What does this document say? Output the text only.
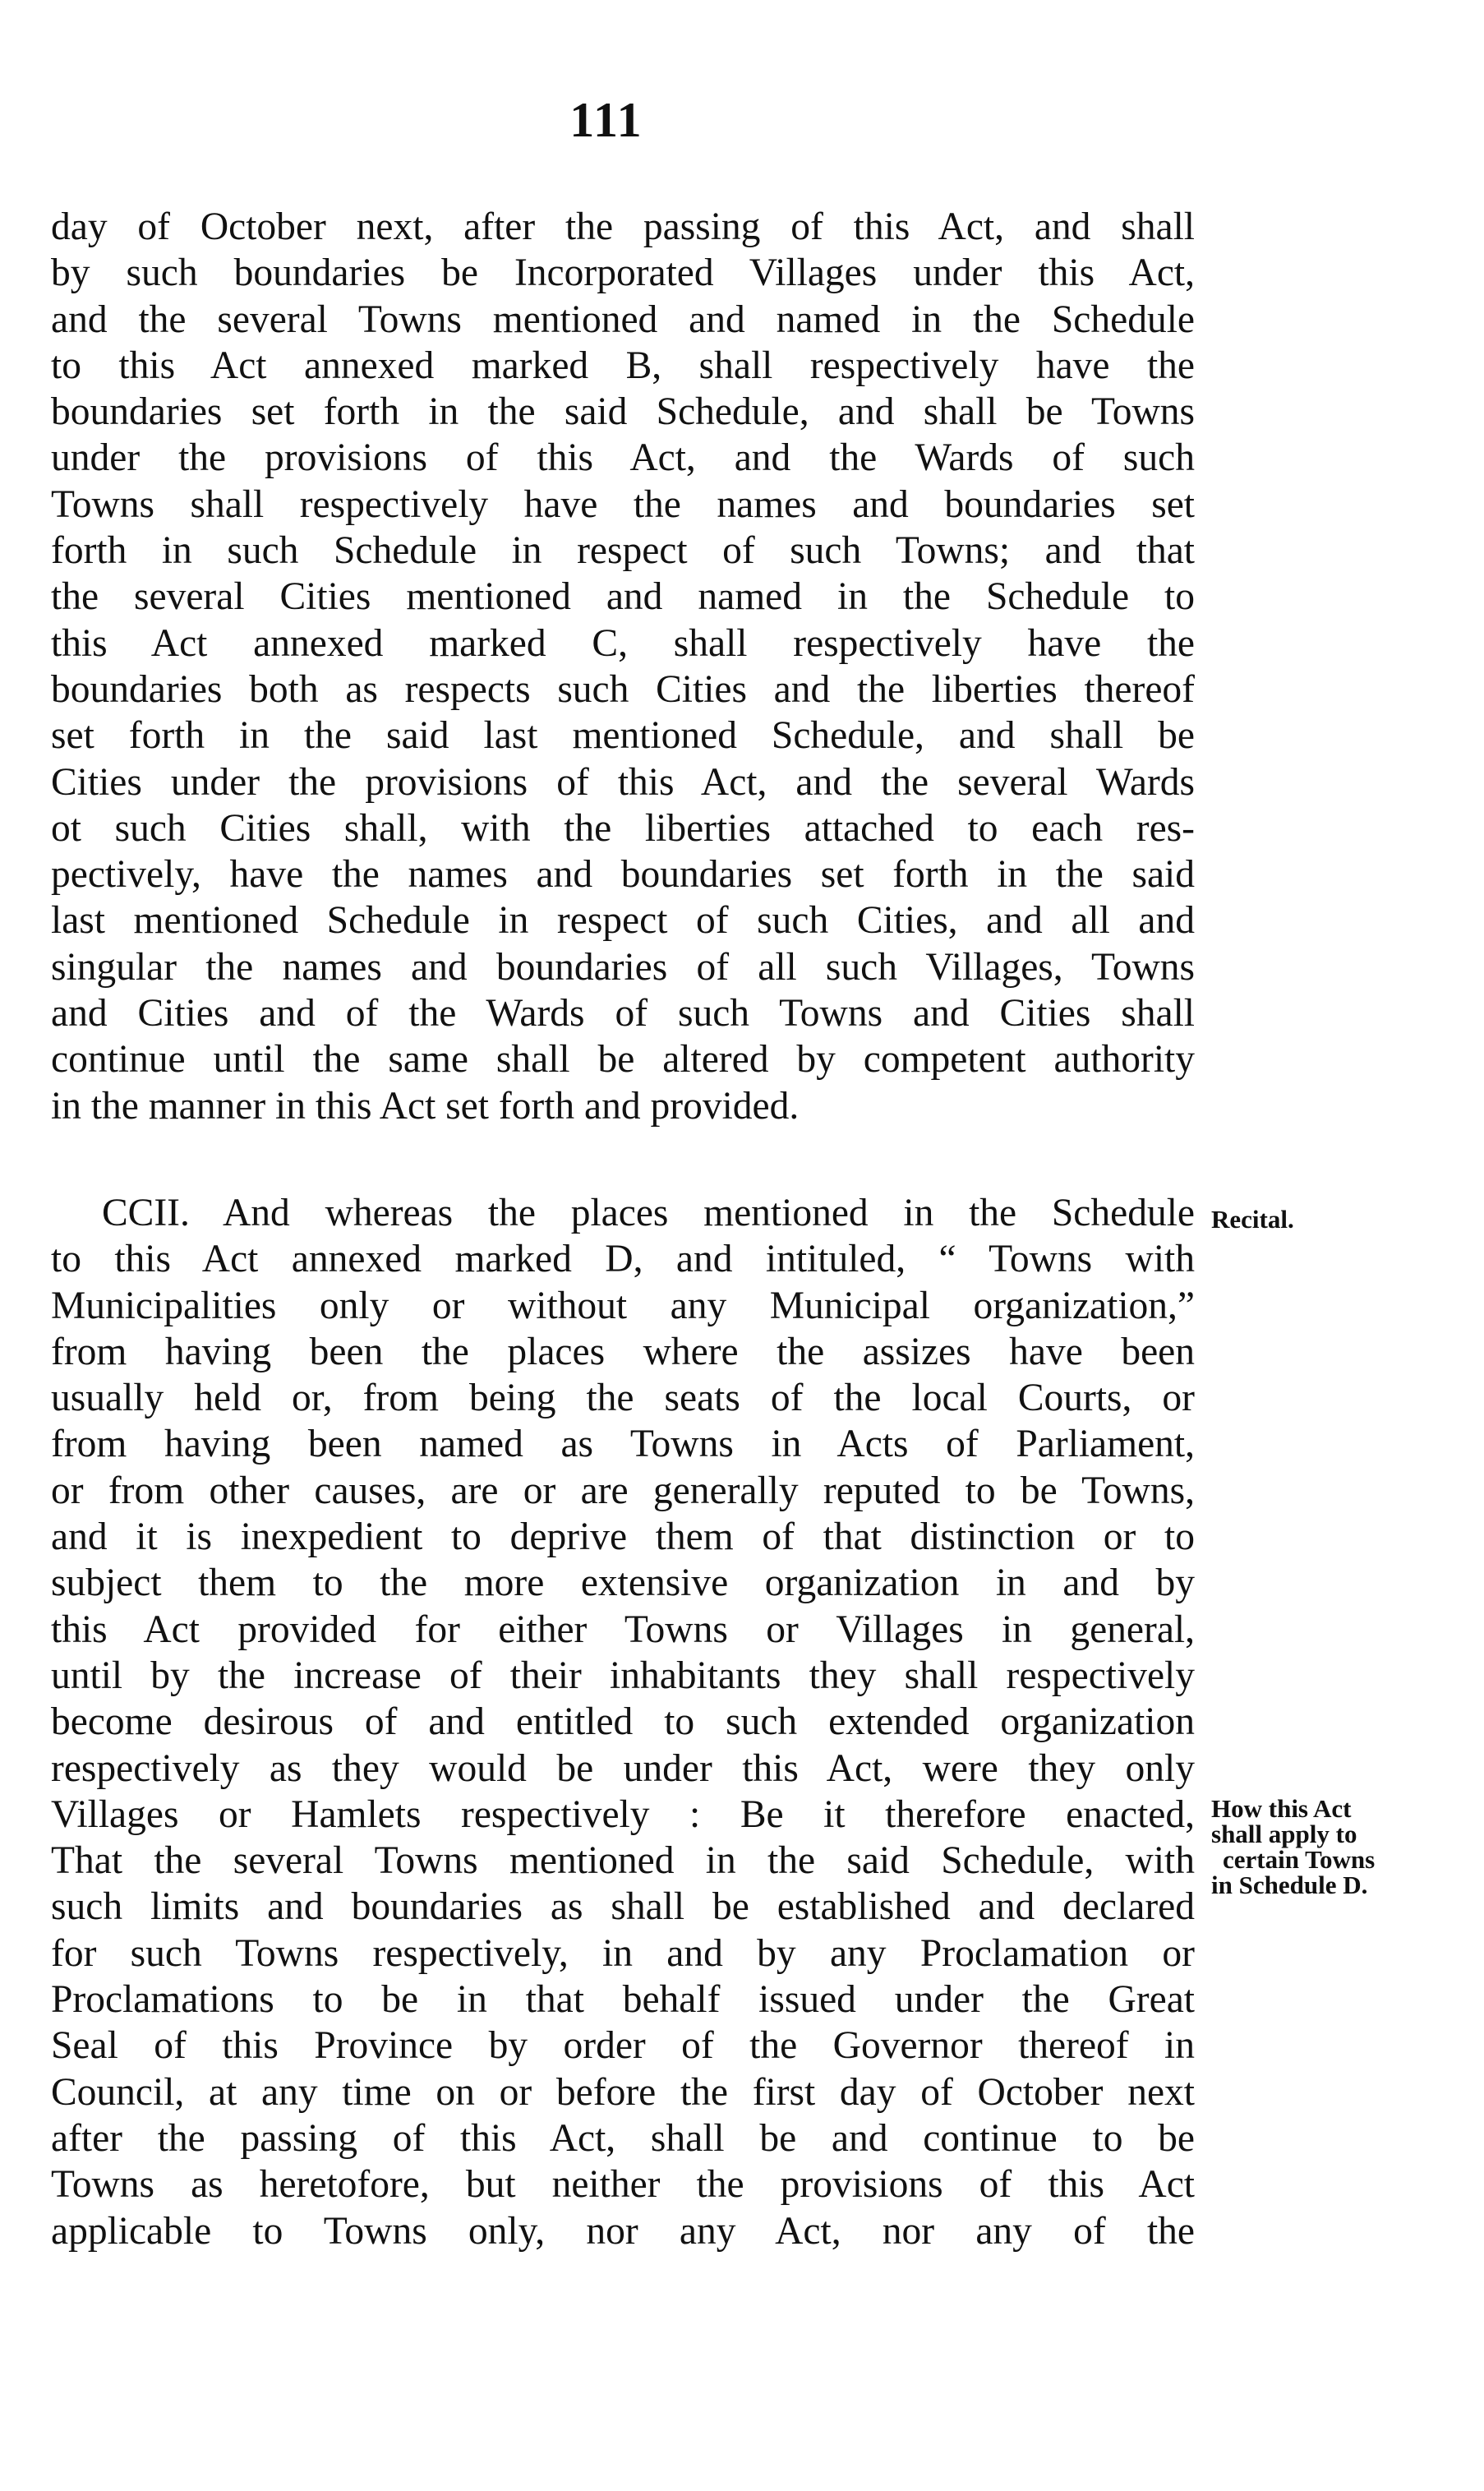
111
day of October next, after the passing of this Act, and shall
by such boundaries be Incorporated Villages under this Act,
and the several Towns mentioned and named in the Schedule
to this Act annexed marked B, shall respectively have the
boundaries set forth in the said Schedule, and shall be Towns
under the provisions of this Act, and the Wards of such
Towns shall respectively have the names and boundaries set
forth in such Schedule in respect of such Towns; and that
the several Cities mentioned and named in the Schedule to
this Act annexed marked C, shall respectively have the
boundaries both as respects such Cities and the liberties thereof
set forth in the said last mentioned Schedule, and shall be
Cities under the provisions of this Act, and the several Wards
ot such Cities shall, with the liberties attached to each res-
pectively, have the names and boundaries set forth in the said
last mentioned Schedule in respect of such Cities, and all and
singular the names and boundaries of all such Villages, Towns
and Cities and of the Wards of such Towns and Cities shall
continue until the same shall be altered by competent authority
in the manner in this Act set forth and provided.
CCII. And whereas the places mentioned in the Schedule
to this Act annexed marked D, and intituled, “ Towns with
Municipalities only or without any Municipal organization,”
from having been the places where the assizes have been
usually held or, from being the seats of the local Courts, or
from having been named as Towns in Acts of Parliament,
or from other causes, are or are generally reputed to be Towns,
and it is inexpedient to deprive them of that distinction or to
subject them to the more extensive organization in and by
this Act provided for either Towns or Villages in general,
until by the increase of their inhabitants they shall respectively
become desirous of and entitled to such extended organization
respectively as they would be under this Act, were they only
Villages or Hamlets respectively : Be it therefore enacted,
That the several Towns mentioned in the said Schedule, with
such limits and boundaries as shall be established and declared
for such Towns respectively, in and by any Proclamation or
Proclamations to be in that behalf issued under the Great
Seal of this Province by order of the Governor thereof in
Council, at any time on or before the first day of October next
after the passing of this Act, shall be and continue to be
Towns as heretofore, but neither the provisions of this Act
applicable to Towns only, nor any Act, nor any of the
Recital.
How this Act
shall apply to
certain Towns
in Schedule D.
